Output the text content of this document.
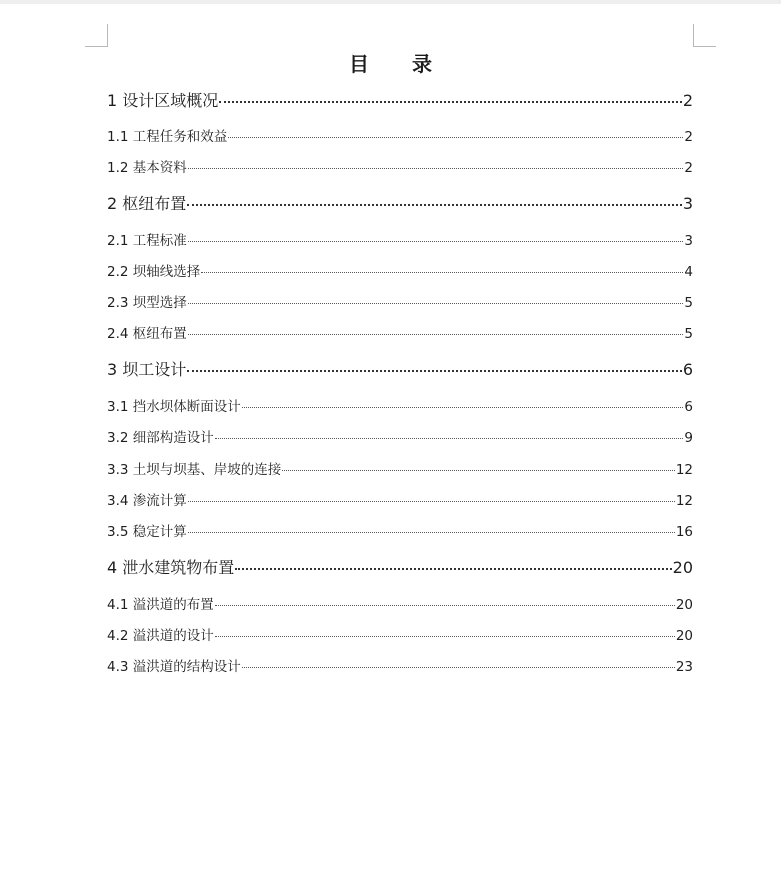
目 录
1 设计区域概况	2
1.1 工程任务和效益	2
1.2 基本资料	2
2 枢纽布置	3
2.1 工程标准	3
2.2 坝轴线选择	4
2.3 坝型选择	5
2.4 枢纽布置	5
3 坝工设计	6
3.1 挡水坝体断面设计	6
3.2 细部构造设计	9
3.3 土坝与坝基、岸坡的连接	12
3.4 渗流计算	12
3.5 稳定计算	16
4 泄水建筑物布置	20
4.1 溢洪道的布置	20
4.2 溢洪道的设计	20
4.3 溢洪道的结构设计	23
